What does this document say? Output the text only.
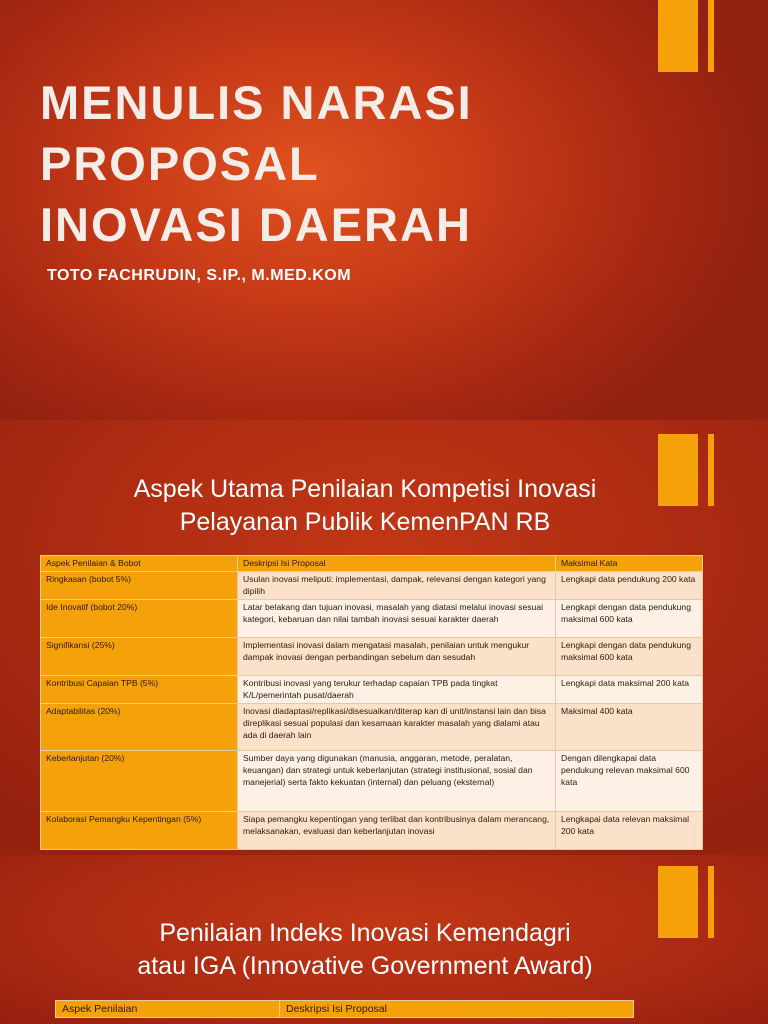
MENULIS NARASI
PROPOSAL
INOVASI DAERAH
TOTO FACHRUDIN, S.IP., M.MED.KOM
Aspek Utama Penilaian Kompetisi Inovasi
Pelayanan Publik KemenPAN RB
Aspek Penilaian & Bobot	Deskripsi Isi Proposal	Maksimal Kata
Ringkasan (bobot 5%)	Usulan inovasi meliputi: implementasi, dampak, relevansi dengan kategori yang dipilih	Lengkapi data pendukung 200 kata
Ide Inovatif (bobot 20%)	Latar belakang dan tujuan inovasi, masalah yang diatasi melalui inovasi sesuai kategori, kebaruan dan nilai tambah inovasi sesuai karakter daerah	Lengkapi dengan data pendukung maksimal 600 kata
Signifikansi (25%)	Implementasi inovasi dalam mengatasi masalah, penilaian untuk mengukur dampak inovasi dengan perbandingan sebelum dan sesudah	Lengkapi dengan data pendukung maksimal 600 kata
Kontribusi Capaian TPB (5%)	Kontribusi inovasi yang terukur terhadap capaian TPB pada tingkat K/L/pemerintah pusat/daerah	Lengkapi data maksimal 200 kata
Adaptabilitas (20%)	Inovasi diadaptasi/replikasi/disesuaikan/diterap kan di unit/instansi lain dan bisa direplikasi sesuai populasi dan kesamaan karakter masalah yang dialami atau ada di daerah lain	Maksimal 400 kata
Keberlanjutan (20%)	Sumber daya yang digunakan (manusia, anggaran, metode, peralatan, keuangan) dan strategi untuk keberlanjutan (strategi institusional, sosial dan manejerial) serta fakto kekuatan (internal) dan peluang (eksternal)	Dengan dilengkapai data pendukung relevan maksimal 600 kata
Kolaborasi Pemangku Kepentingan (5%)	Siapa pemangku kepentingan yang terlibat dan kontribusinya dalam merancang, melaksanakan, evaluasi dan keberlanjutan inovasi	Lengkapai data relevan maksimal 200 kata
Penilaian Indeks Inovasi Kemendagri
atau IGA (Innovative Government Award)
Aspek Penilaian	Deskripsi Isi Proposal
